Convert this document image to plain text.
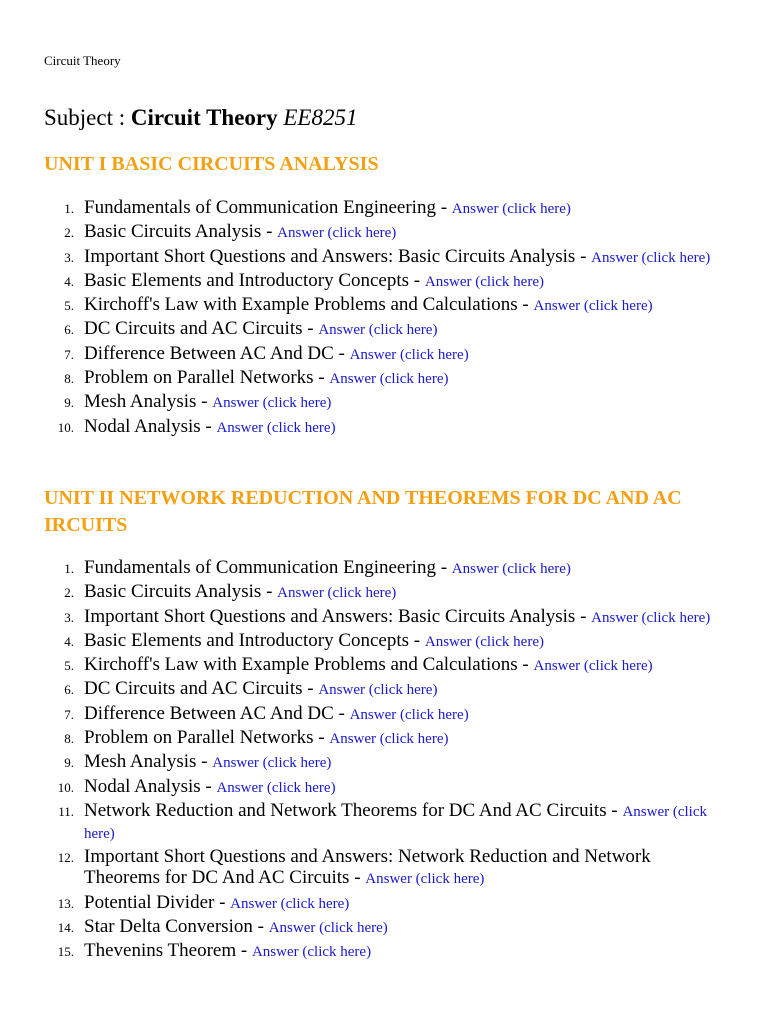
Circuit Theory
Subject : Circuit Theory EE8251
UNIT I BASIC CIRCUITS ANALYSIS
1. Fundamentals of Communication Engineering - Answer (click here)
2. Basic Circuits Analysis - Answer (click here)
3. Important Short Questions and Answers: Basic Circuits Analysis - Answer (click here)
4. Basic Elements and Introductory Concepts - Answer (click here)
5. Kirchoff's Law with Example Problems and Calculations - Answer (click here)
6. DC Circuits and AC Circuits - Answer (click here)
7. Difference Between AC And DC - Answer (click here)
8. Problem on Parallel Networks - Answer (click here)
9. Mesh Analysis - Answer (click here)
10. Nodal Analysis - Answer (click here)
UNIT II NETWORK REDUCTION AND THEOREMS FOR DC AND AC IRCUITS
1. Fundamentals of Communication Engineering - Answer (click here)
2. Basic Circuits Analysis - Answer (click here)
3. Important Short Questions and Answers: Basic Circuits Analysis - Answer (click here)
4. Basic Elements and Introductory Concepts - Answer (click here)
5. Kirchoff's Law with Example Problems and Calculations - Answer (click here)
6. DC Circuits and AC Circuits - Answer (click here)
7. Difference Between AC And DC - Answer (click here)
8. Problem on Parallel Networks - Answer (click here)
9. Mesh Analysis - Answer (click here)
10. Nodal Analysis - Answer (click here)
11. Network Reduction and Network Theorems for DC And AC Circuits - Answer (click here)
12. Important Short Questions and Answers: Network Reduction and Network Theorems for DC And AC Circuits - Answer (click here)
13. Potential Divider - Answer (click here)
14. Star Delta Conversion - Answer (click here)
15. Thevenins Theorem - Answer (click here)
